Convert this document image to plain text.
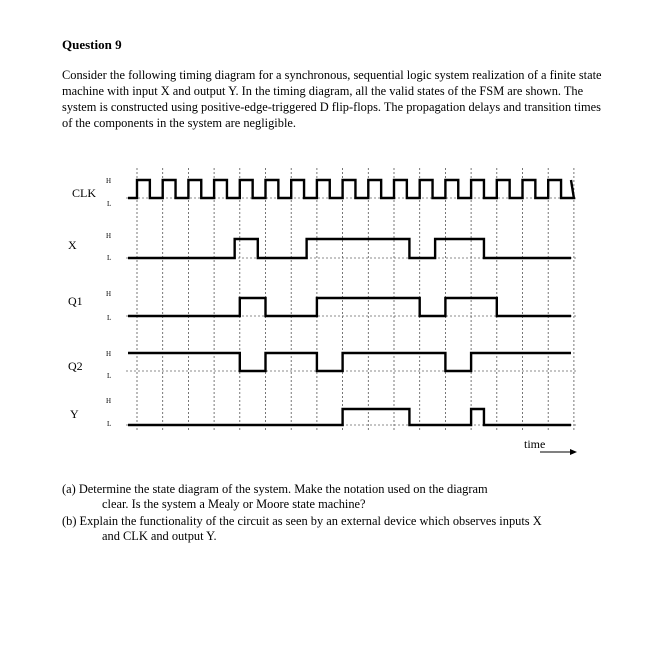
Question 9
Consider the following timing diagram for a synchronous, sequential logic system realization of a finite state machine with input X and output Y. In the timing diagram, all the valid states of the FSM are shown. The system is constructed using positive-edge-triggered D flip-flops. The propagation delays and transition times of the components in the system are negligible.
CLK
X
Q1
Q2
Y
H
L
H
L
H
L
H
L
H
L
time
(a) Determine the state diagram of the system. Make the notation used on the diagram
clear. Is the system a Mealy or Moore state machine?
(b) Explain the functionality of the circuit as seen by an external device which observes inputs X
and CLK and output Y.
